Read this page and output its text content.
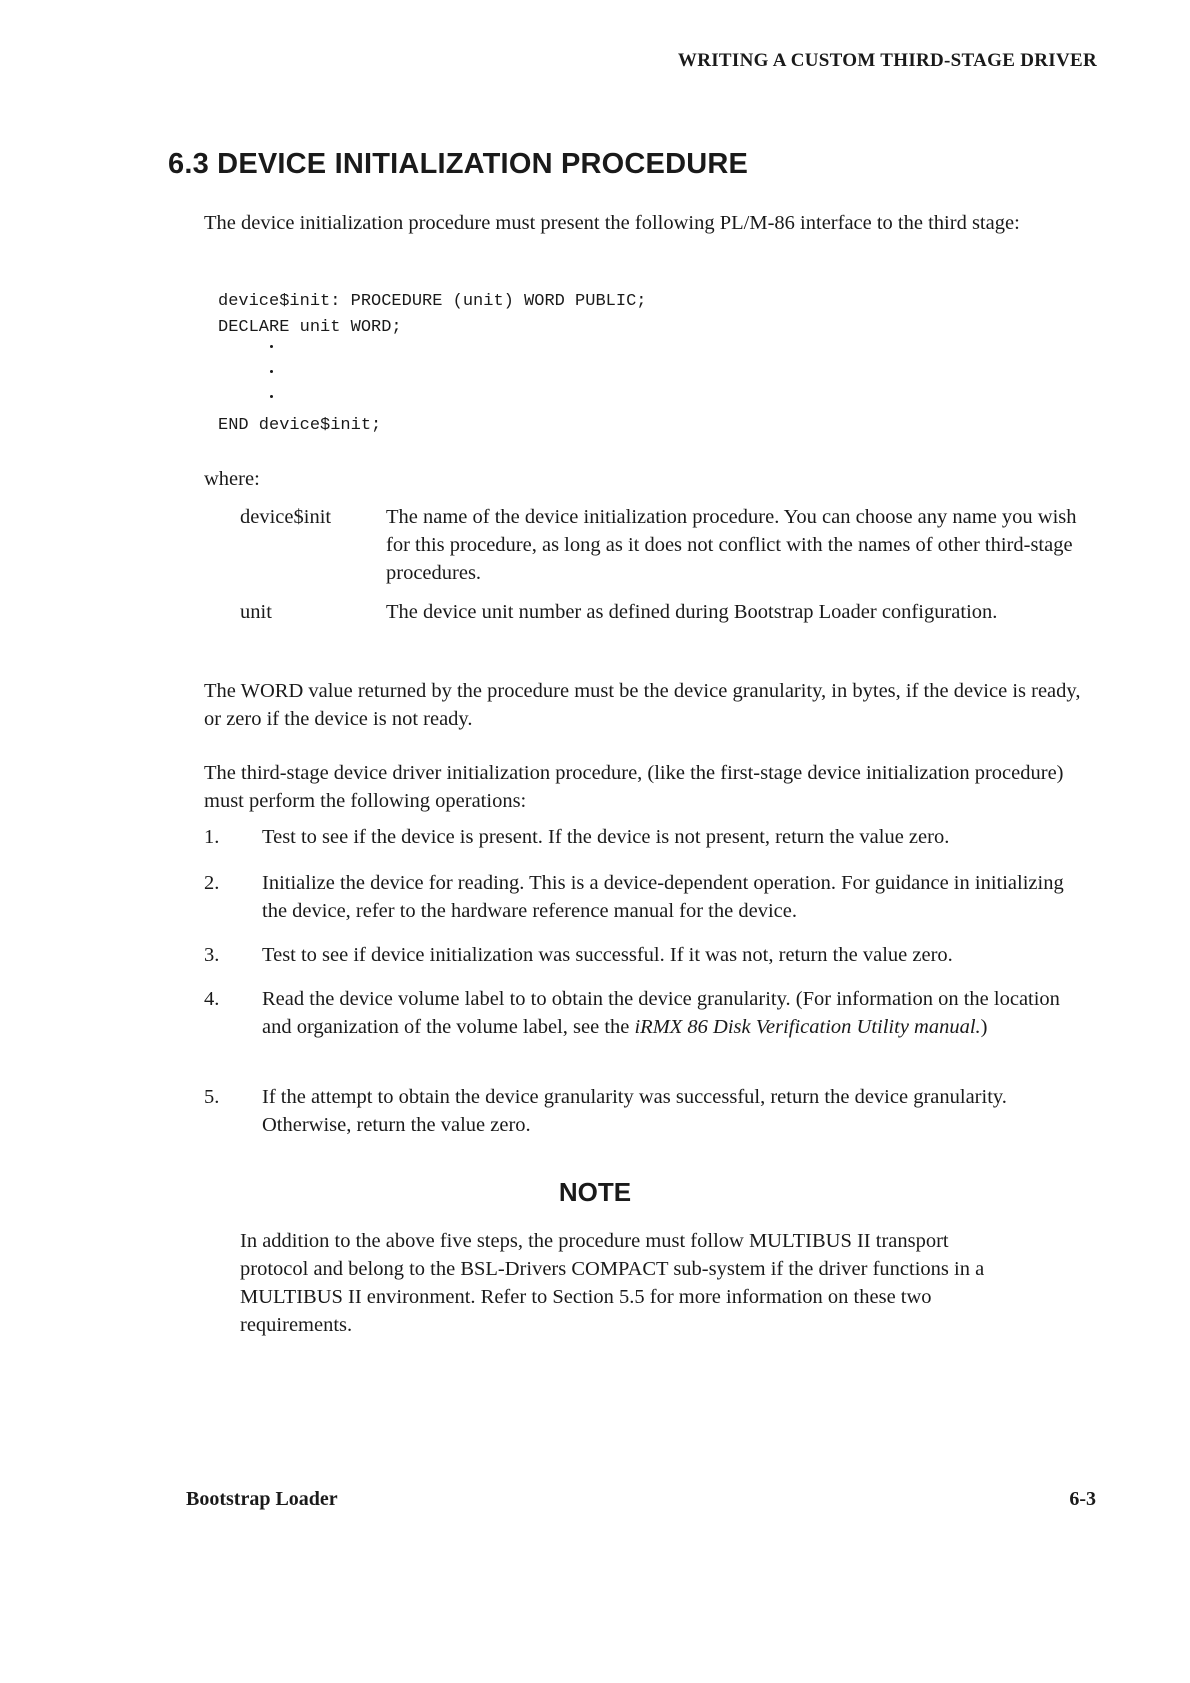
WRITING A CUSTOM THIRD-STAGE DRIVER
6.3 DEVICE INITIALIZATION PROCEDURE

The device initialization procedure must present the following PL/M-86 interface to the third stage:

device$init: PROCEDURE (unit) WORD PUBLIC;
DECLARE unit WORD;
END device$init;
where:
device$init	The name of the device initialization procedure. You can choose any name you wish for this procedure, as long as it does not conflict with the names of other third-stage procedures.
unit	The device unit number as defined during Bootstrap Loader configuration.

The WORD value returned by the procedure must be the device granularity, in bytes, if the device is ready, or zero if the device is not ready.

The third-stage device driver initialization procedure, (like the first-stage device initialization procedure) must perform the following operations:

1.	Test to see if the device is present. If the device is not present, return the value zero.
2.	Initialize the device for reading. This is a device-dependent operation. For guidance in initializing the device, refer to the hardware reference manual for the device.
3.	Test to see if device initialization was successful. If it was not, return the value zero.
4.	Read the device volume label to to obtain the device granularity. (For information on the location and organization of the volume label, see the iRMX 86 Disk Verification Utility manual.)
5.	If the attempt to obtain the device granularity was successful, return the device granularity. Otherwise, return the value zero.
NOTE

In addition to the above five steps, the procedure must follow MULTIBUS II transport protocol and belong to the BSL-Drivers COMPACT sub-system if the driver functions in a MULTIBUS II environment. Refer to Section 5.5 for more information on these two requirements.

Bootstrap Loader	6-3
